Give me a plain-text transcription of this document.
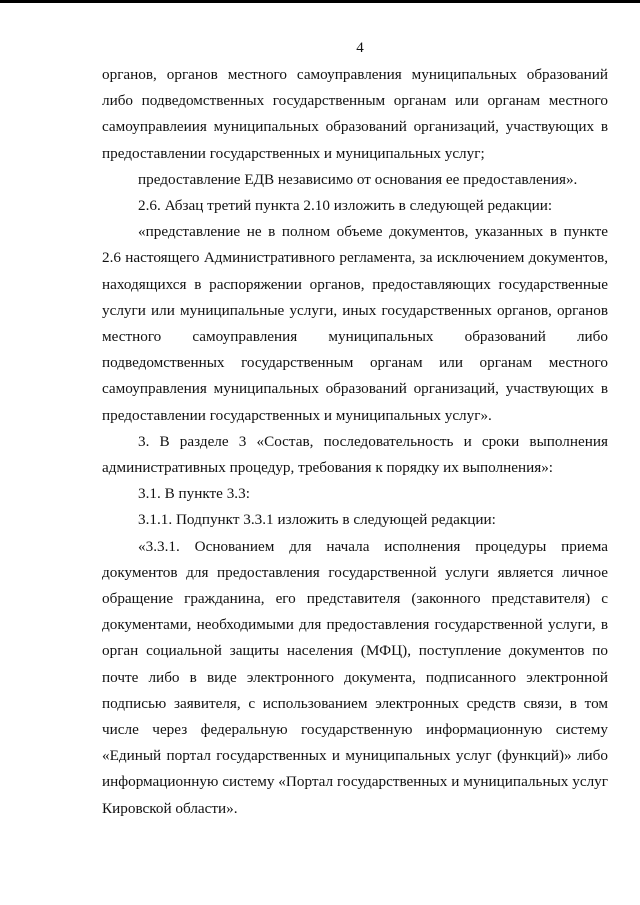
4

органов, органов местного самоуправления муниципальных образований либо подведомственных государственным органам или органам местного самоуправлеиия муниципальных образований организаций, участвующих в предоставлении государственных и муниципальных услуг;

предоставление ЕДВ независимо от основания ее предоставления».

2.6. Абзац третий пункта 2.10 изложить в следующей редакции:

«представление не в полном объеме документов, указанных в пункте 2.6 настоящего Административного регламента, за исключением документов, находящихся в распоряжении органов, предоставляющих государственные услуги или муниципальные услуги, иных государственных органов, органов местного самоуправления муниципальных образований либо подведомственных государственным органам или органам местного самоуправления муниципальных образований организаций, участвующих в предоставлении государственных и муниципальных услуг».

3. В разделе 3 «Состав, последовательность и сроки выполнения административных процедур, требования к порядку их выполнения»:

3.1. В пункте 3.3:

3.1.1. Подпункт 3.3.1 изложить в следующей редакции:

«3.3.1. Основанием для начала исполнения процедуры приема документов для предоставления государственной услуги является личное обращение гражданина, его представителя (законного представителя) с документами, необходимыми для предоставления государственной услуги, в орган социальной защиты населения (МФЦ), поступление документов по почте либо в виде электронного документа, подписанного электронной подписью заявителя, с использованием электронных средств связи, в том числе через федеральную государственную информационную систему «Единый портал государственных и муниципальных услуг (функций)» либо информационную систему «Портал государственных и муниципальных услуг Кировской области».
